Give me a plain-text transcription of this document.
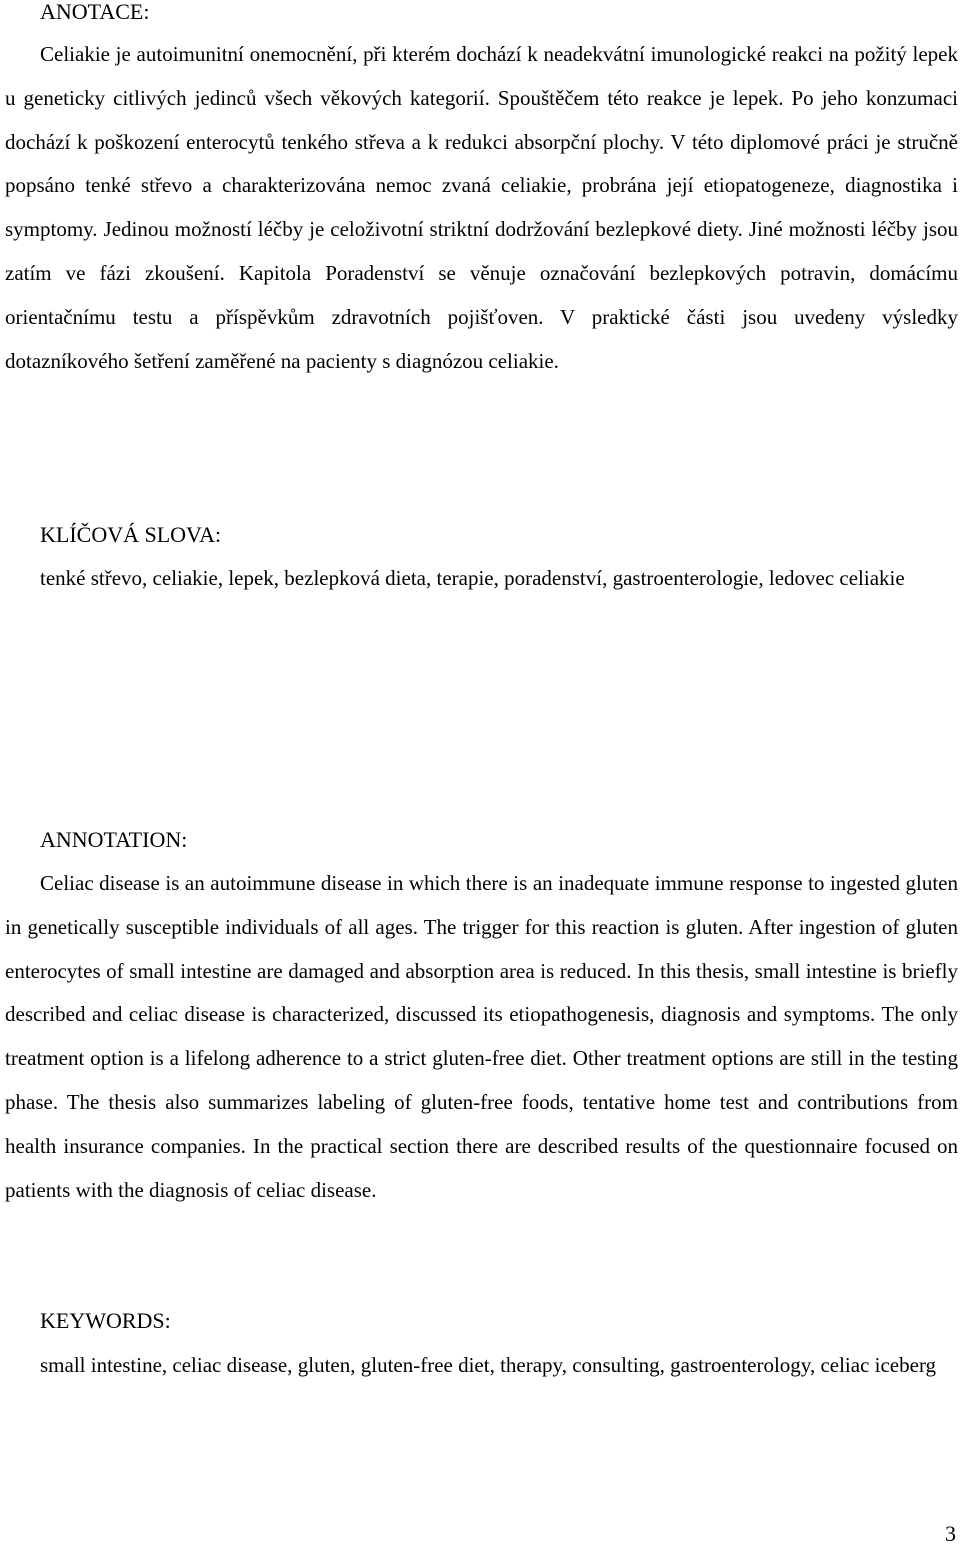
ANOTACE:

Celiakie je autoimunitní onemocnění, při kterém dochází k neadekvátní imunologické reakci na požitý lepek u geneticky citlivých jedinců všech věkových kategorií. Spouštěčem této reakce je lepek. Po jeho konzumaci dochází k poškození enterocytů tenkého střeva a k redukci absorpční plochy. V této diplomové práci je stručně popsáno tenké střevo a charakterizována nemoc zvaná celiakie, probrána její etiopatogeneze, diagnostika i symptomy. Jedinou možností léčby je celoživotní striktní dodržování bezlepkové diety. Jiné možnosti léčby jsou zatím ve fázi zkoušení. Kapitola Poradenství se věnuje označování bezlepkových potravin, domácímu orientačnímu testu a příspěvkům zdravotních pojišťoven. V praktické části jsou uvedeny výsledky dotazníkového šetření zaměřené na pacienty s diagnózou celiakie.

KLÍČOVÁ SLOVA:

tenké střevo, celiakie, lepek, bezlepková dieta, terapie, poradenství, gastroenterologie, ledovec celiakie

ANNOTATION:

Celiac disease is an autoimmune disease in which there is an inadequate immune response to ingested gluten in genetically susceptible individuals of all ages. The trigger for this reaction is gluten. After ingestion of gluten enterocytes of small intestine are damaged and absorption area is reduced. In this thesis, small intestine is briefly described and celiac disease is characterized, discussed its etiopathogenesis, diagnosis and symptoms. The only treatment option is a lifelong adherence to a strict gluten-free diet. Other treatment options are still in the testing phase. The thesis also summarizes labeling of gluten-free foods, tentative home test and contributions from health insurance companies. In the practical section there are described results of the questionnaire focused on patients with the diagnosis of celiac disease.

KEYWORDS:

small intestine, celiac disease, gluten, gluten-free diet, therapy, consulting, gastroenterology, celiac iceberg

3
